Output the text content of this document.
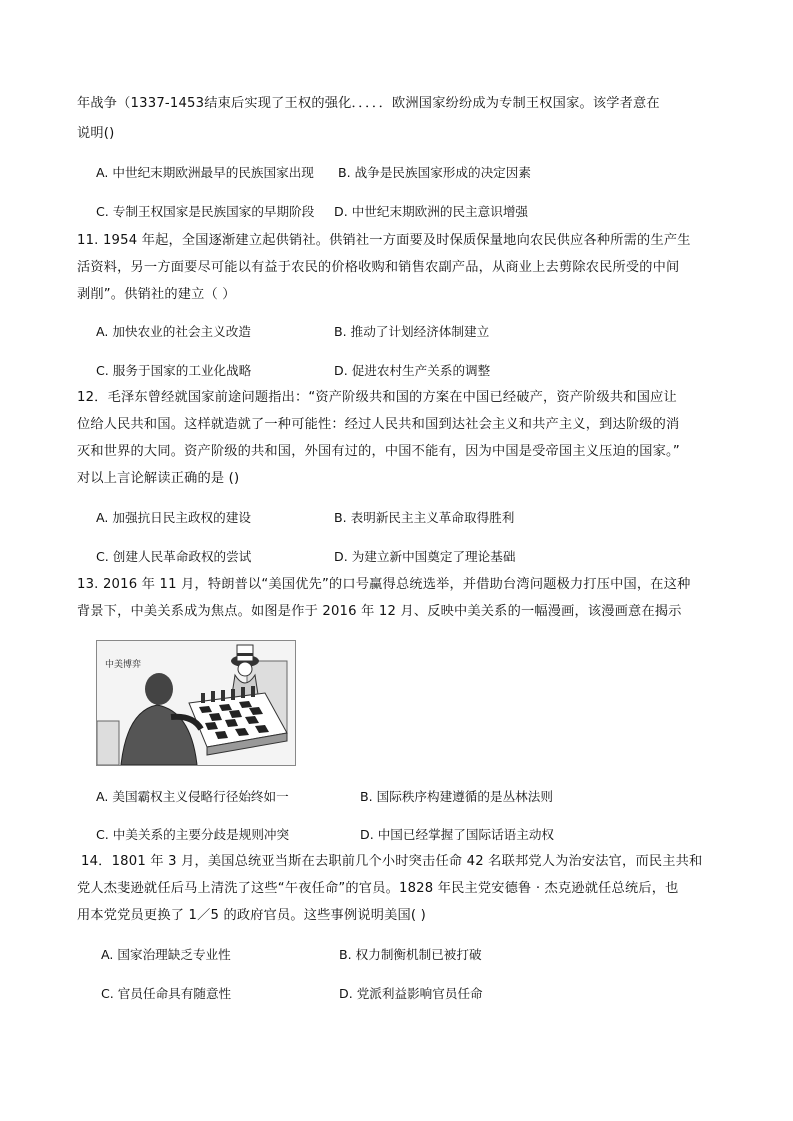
年战争（1337-1453结束后实现了王权的强化．．．．．欧洲国家纷纷成为专制王权国家。该学者意在
说明()
A. 中世纪末期欧洲最早的民族国家出现 B. 战争是民族国家形成的决定因素
C. 专制王权国家是民族国家的早期阶段 D. 中世纪末期欧洲的民主意识增强
11. 1954 年起，全国逐渐建立起供销社。供销社一方面要及时保质保量地向农民供应各种所需的生产生
活资料，另一方面要尽可能以有益于农民的价格收购和销售农副产品，从商业上去剪除农民所受的中间
剥削”。供销社的建立（ ）
A. 加快农业的社会主义改造	B. 推动了计划经济体制建立
C. 服务于国家的工业化战略	D. 促进农村生产关系的调整
12．毛泽东曾经就国家前途问题指出：“资产阶级共和国的方案在中国已经破产，资产阶级共和国应让
位给人民共和国。这样就造就了一种可能性：经过人民共和国到达社会主义和共产主义，到达阶级的消
灭和世界的大同。资产阶级的共和国，外国有过的，中国不能有，因为中国是受帝国主义压迫的国家。”
对以上言论解读正确的是 ()
A. 加强抗日民主政权的建设	B. 表明新民主主义革命取得胜利
C. 创建人民革命政权的尝试	D. 为建立新中国奠定了理论基础
13. 2016 年 11 月，特朗普以“美国优先”的口号赢得总统选举，并借助台湾问题极力打压中国，在这种
背景下，中美关系成为焦点。如图是作于 2016 年 12 月、反映中美关系的一幅漫画，该漫画意在揭示
中美博弈
A. 美国霸权主义侵略行径始终如一	B. 国际秩序构建遵循的是丛林法则
C. 中美关系的主要分歧是规则冲突	D. 中国已经掌握了国际话语主动权
14．1801 年 3 月，美国总统亚当斯在去职前几个小时突击任命 42 名联邦党人为治安法官，而民主共和
党人杰斐逊就任后马上清洗了这些“午夜任命”的官员。1828 年民主党安德鲁 · 杰克逊就任总统后，也
用本党党员更换了 1／5 的政府官员。这些事例说明美国( )
A. 国家治理缺乏专业性	B. 权力制衡机制已被打破
C. 官员任命具有随意性	D. 党派利益影响官员任命
